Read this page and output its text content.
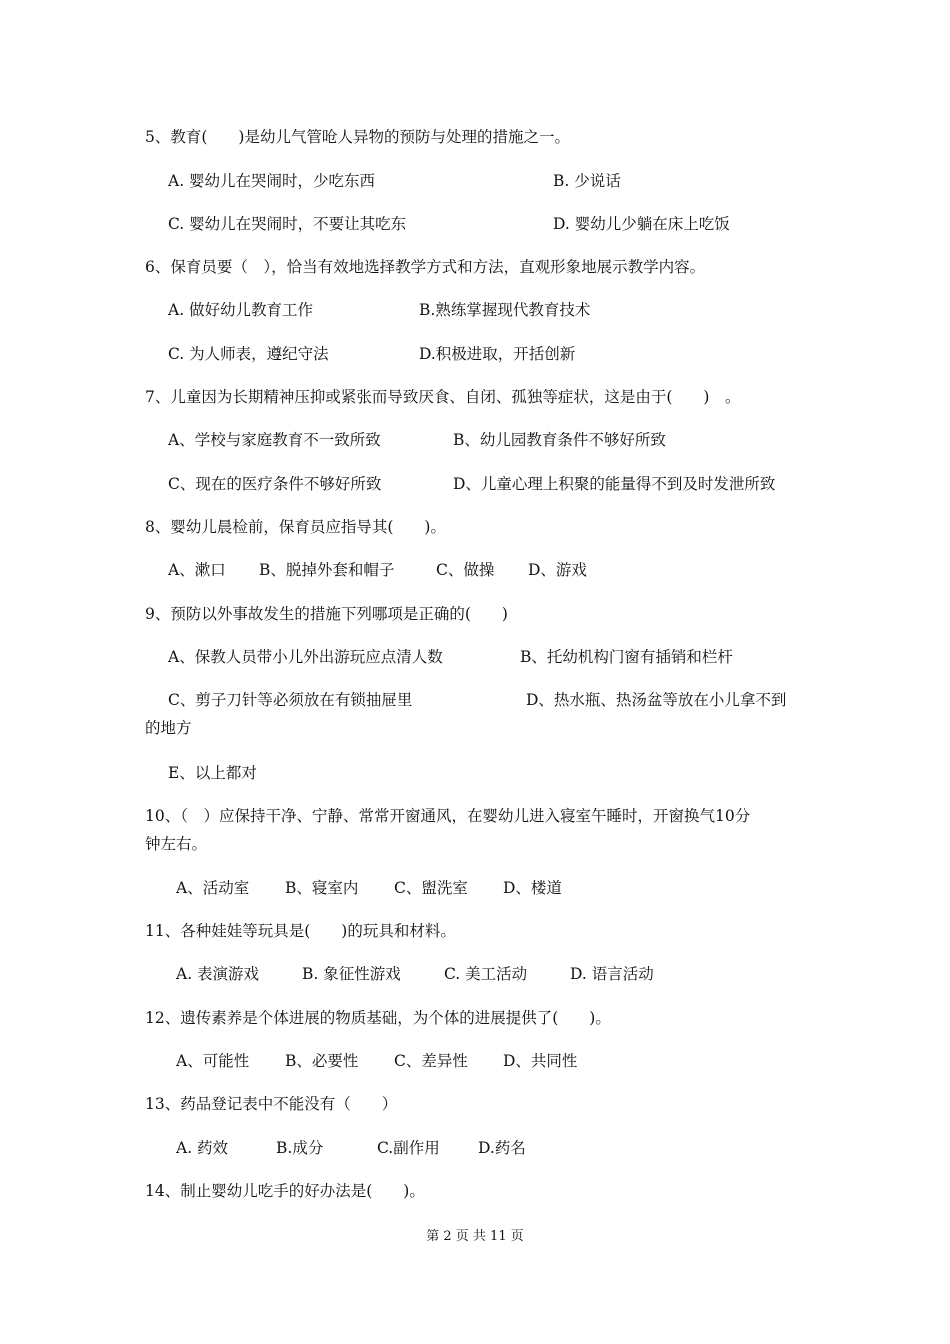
5、教育(　　)是幼儿气管呛人异物的预防与处理的措施之一。
A. 婴幼儿在哭闹时，少吃东西	B. 少说话
C. 婴幼儿在哭闹时，不要让其吃东	D. 婴幼儿少躺在床上吃饭
6、保育员要（　），恰当有效地选择教学方式和方法，直观形象地展示教学内容。
A. 做好幼儿教育工作	B.熟练掌握现代教育技术
C. 为人师表，遵纪守法	D.积极进取，开括创新
7、儿童因为长期精神压抑或紧张而导致厌食、自闭、孤独等症状，这是由于(　　)　。
A、学校与家庭教育不一致所致	B、幼儿园教育条件不够好所致
C、现在的医疗条件不够好所致	D、儿童心理上积聚的能量得不到及时发泄所致
8、婴幼儿晨检前，保育员应指导其(　　)。
A、漱口 B、脱掉外套和帽子	C、做操 D、游戏
9、预防以外事故发生的措施下列哪项是正确的(　　)
A、保教人员带小儿外出游玩应点清人数	B、托幼机构门窗有插销和栏杆
C、剪子刀针等必须放在有锁抽屉里	D、热水瓶、热汤盆等放在小儿拿不到
的地方
E、以上都对
10、（　）应保持干净、宁静、常常开窗通风，在婴幼儿进入寝室午睡时，开窗换气10分
钟左右。
A、活动室 B、寝室内 C、盥洗室 D、楼道
11、各种娃娃等玩具是(　　)的玩具和材料。
A. 表演游戏	B. 象征性游戏	C. 美工活动	D. 语言活动
12、遗传素养是个体进展的物质基础，为个体的进展提供了(　　)。
A、可能性 B、必要性 C、差异性 D、共同性
13、药品登记表中不能没有（　　）
A. 药效	B.成分	C.副作用 D.药名
14、制止婴幼儿吃手的好办法是(　　)。
第 2 页 共 11 页
